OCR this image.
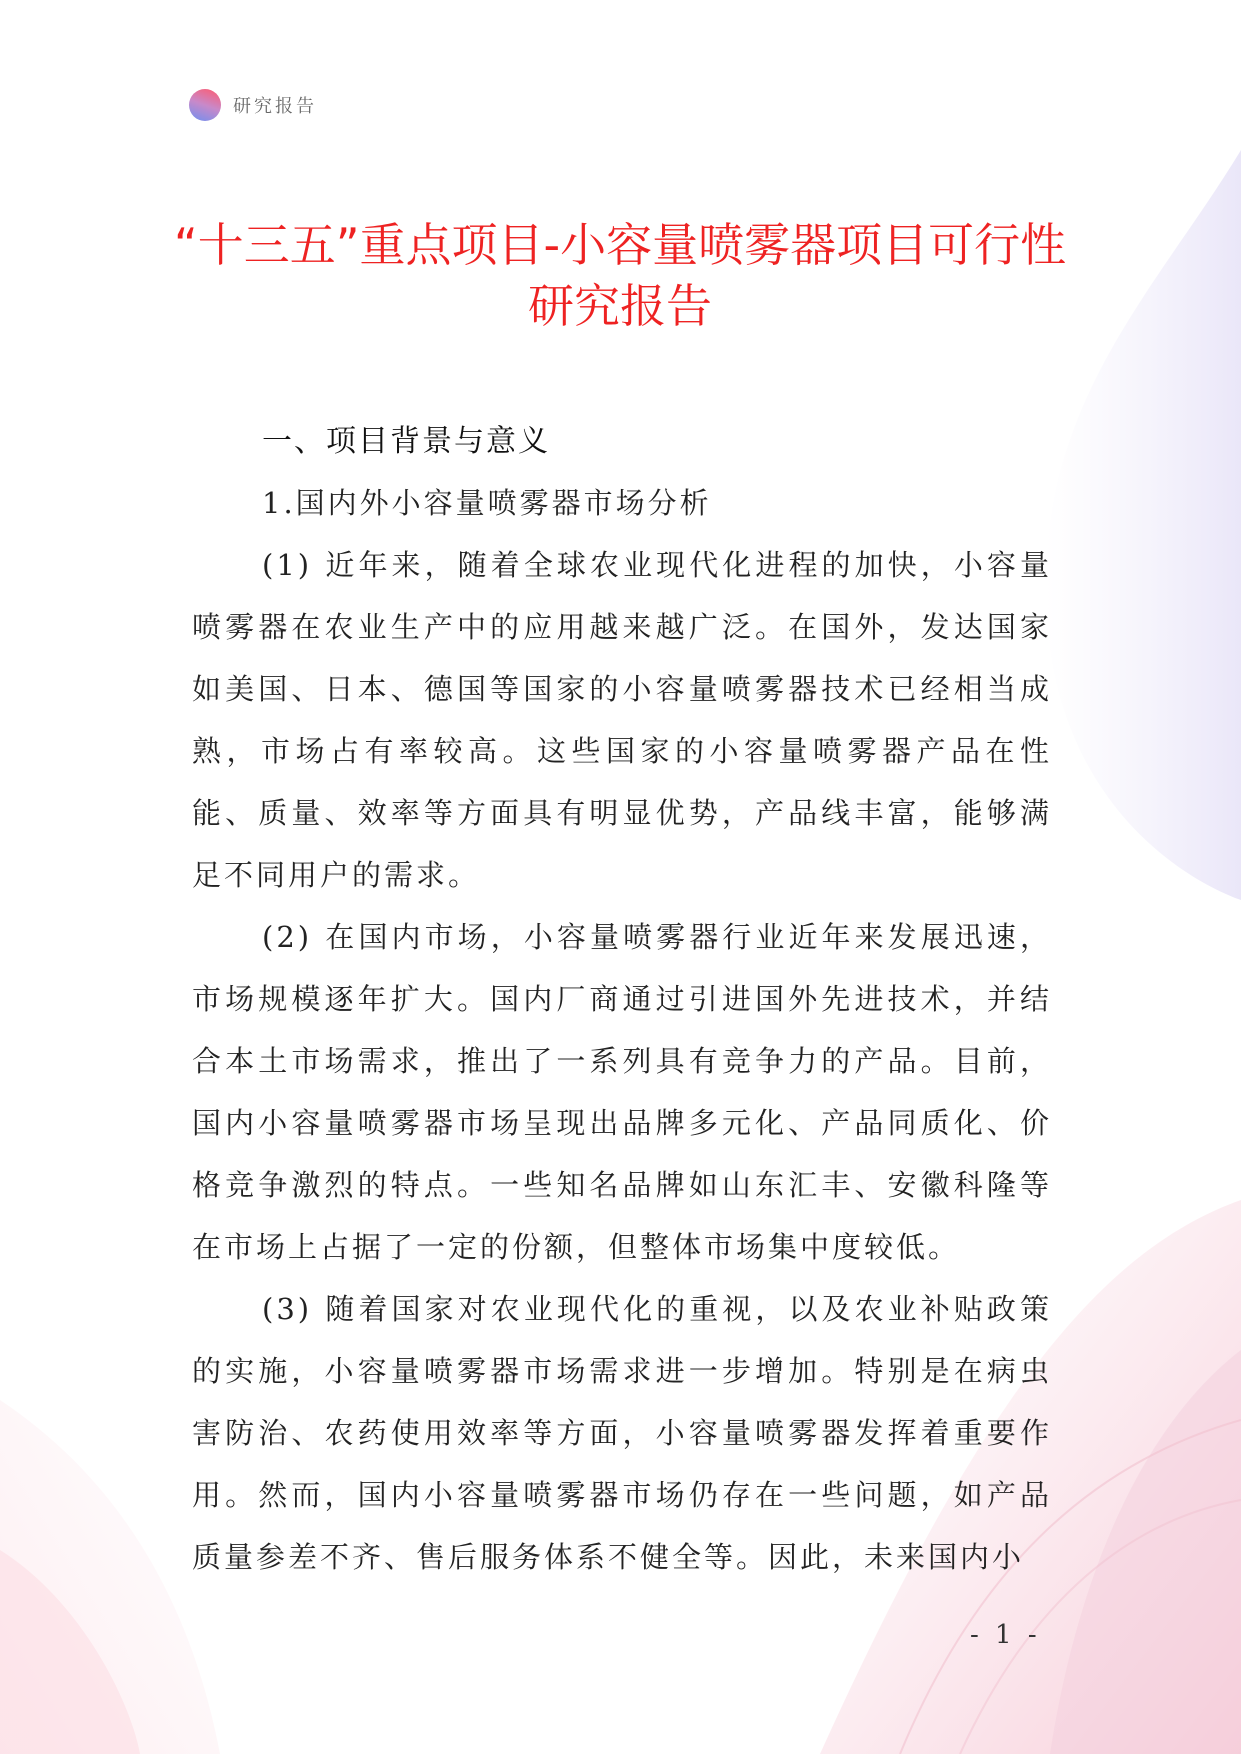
研究报告
“十三五”重点项目-小容量喷雾器项目可行性研究报告

一、项目背景与意义

1.国内外小容量喷雾器市场分析

(1) 近年来，随着全球农业现代化进程的加快，小容量喷雾器在农业生产中的应用越来越广泛。在国外，发达国家如美国、日本、德国等国家的小容量喷雾器技术已经相当成熟，市场占有率较高。这些国家的小容量喷雾器产品在性能、质量、效率等方面具有明显优势，产品线丰富，能够满足不同用户的需求。

(2) 在国内市场，小容量喷雾器行业近年来发展迅速，市场规模逐年扩大。国内厂商通过引进国外先进技术，并结合本土市场需求，推出了一系列具有竞争力的产品。目前，国内小容量喷雾器市场呈现出品牌多元化、产品同质化、价格竞争激烈的特点。一些知名品牌如山东汇丰、安徽科隆等在市场上占据了一定的份额，但整体市场集中度较低。

(3) 随着国家对农业现代化的重视，以及农业补贴政策的实施，小容量喷雾器市场需求进一步增加。特别是在病虫害防治、农药使用效率等方面，小容量喷雾器发挥着重要作用。然而，国内小容量喷雾器市场仍存在一些问题，如产品质量参差不齐、售后服务体系不健全等。因此，未来国内小

- 1 -
